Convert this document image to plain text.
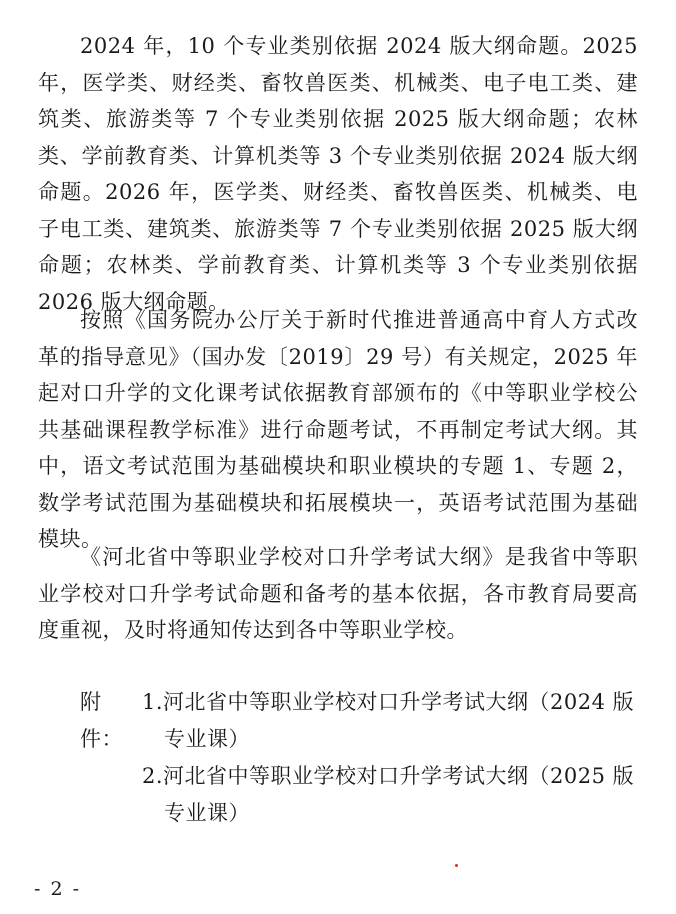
2024 年，10 个专业类别依据 2024 版大纲命题。2025 年，医学类、财经类、畜牧兽医类、机械类、电子电工类、建筑类、旅游类等 7 个专业类别依据 2025 版大纲命题；农林类、学前教育类、计算机类等 3 个专业类别依据 2024 版大纲命题。2026 年，医学类、财经类、畜牧兽医类、机械类、电子电工类、建筑类、旅游类等 7 个专业类别依据 2025 版大纲命题；农林类、学前教育类、计算机类等 3 个专业类别依据 2026 版大纲命题。

按照《国务院办公厅关于新时代推进普通高中育人方式改革的指导意见》（国办发〔2019〕29 号）有关规定，2025 年起对口升学的文化课考试依据教育部颁布的《中等职业学校公共基础课程教学标准》进行命题考试，不再制定考试大纲。其中，语文考试范围为基础模块和职业模块的专题 1、专题 2，数学考试范围为基础模块和拓展模块一，英语考试范围为基础模块。

《河北省中等职业学校对口升学考试大纲》是我省中等职业学校对口升学考试命题和备考的基本依据，各市教育局要高度重视，及时将通知传达到各中等职业学校。

附件：
1.河北省中等职业学校对口升学考试大纲（2024 版
专业课）
2.河北省中等职业学校对口升学考试大纲（2025 版
专业课）
- 2 -
